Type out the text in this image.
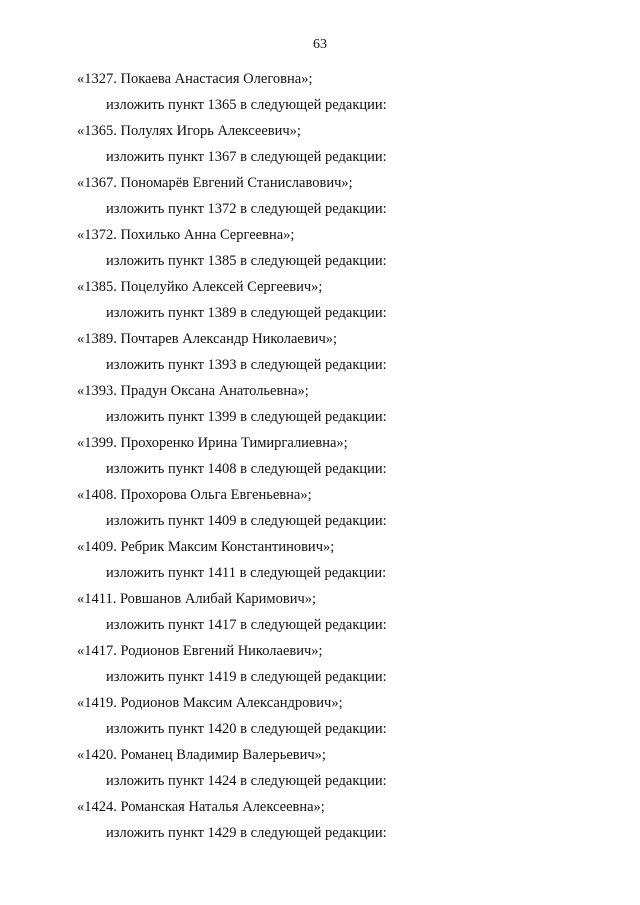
63
«1327. Покаева Анастасия Олеговна»;
изложить пункт 1365 в следующей редакции:
«1365. Полулях Игорь Алексеевич»;
изложить пункт 1367 в следующей редакции:
«1367. Пономарёв Евгений Станиславович»;
изложить пункт 1372 в следующей редакции:
«1372. Похилько Анна Сергеевна»;
изложить пункт 1385 в следующей редакции:
«1385. Поцелуйко Алексей Сергеевич»;
изложить пункт 1389 в следующей редакции:
«1389. Почтарев Александр Николаевич»;
изложить пункт 1393 в следующей редакции:
«1393. Прадун Оксана Анатольевна»;
изложить пункт 1399 в следующей редакции:
«1399. Прохоренко Ирина Тимиргалиевна»;
изложить пункт 1408 в следующей редакции:
«1408. Прохорова Ольга Евгеньевна»;
изложить пункт 1409 в следующей редакции:
«1409. Ребрик Максим Константинович»;
изложить пункт 1411 в следующей редакции:
«1411. Ровшанов Алибай Каримович»;
изложить пункт 1417 в следующей редакции:
«1417. Родионов Евгений Николаевич»;
изложить пункт 1419 в следующей редакции:
«1419. Родионов Максим Александрович»;
изложить пункт 1420 в следующей редакции:
«1420. Романец Владимир Валерьевич»;
изложить пункт 1424 в следующей редакции:
«1424. Романская Наталья Алексеевна»;
изложить пункт 1429 в следующей редакции:
